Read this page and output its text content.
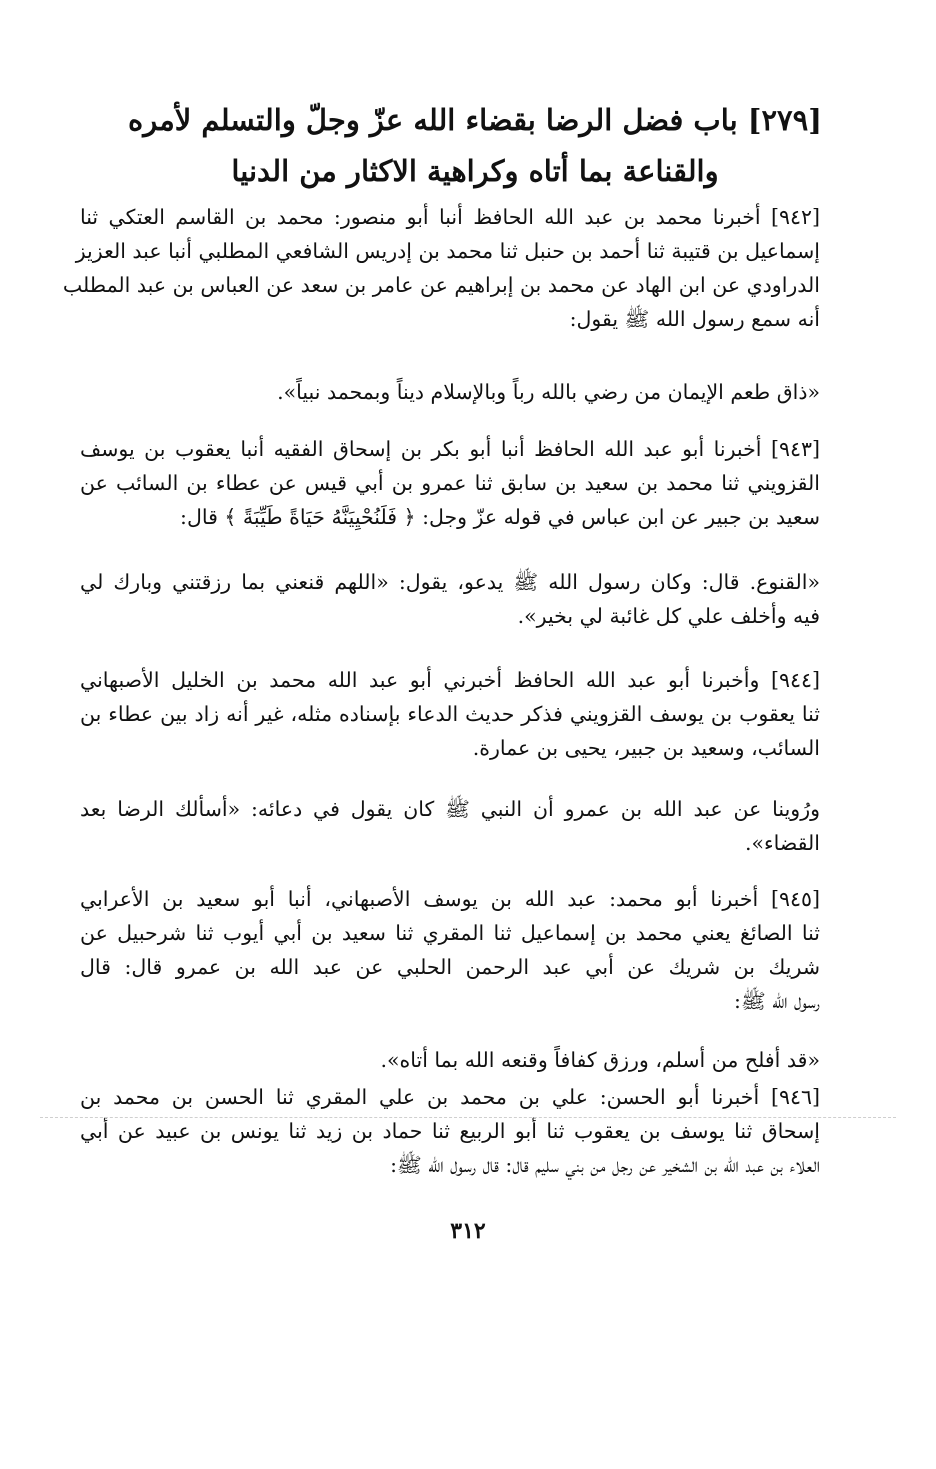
[٢٧٩] باب فضل الرضا بقضاء الله عزّ وجلّ والتسلم لأمره
والقناعة بما أتاه وكراهية الاكثار من الدنيا
[٩٤٢] أخبرنا محمد بن عبد الله الحافظ أنبا أبو منصور: محمد بن القاسم العتكي ثنا
إسماعيل بن قتيبة ثنا أحمد بن حنبل ثنا محمد بن إدريس الشافعي المطلبي أنبا عبد العزيز
الدراودي عن ابن الهاد عن محمد بن إبراهيم عن عامر بن سعد عن العباس بن عبد المطلب
أنه سمع رسول الله ﷺ يقول:
«ذاق طعم الإيمان من رضي بالله رباً وبالإسلام ديناً وبمحمد نبياً».
[٩٤٣] أخبرنا أبو عبد الله الحافظ أنبا أبو بكر بن إسحاق الفقيه أنبا يعقوب بن يوسف
القزويني ثنا محمد بن سعيد بن سابق ثنا عمرو بن أبي قيس عن عطاء بن السائب عن
سعيد بن جبير عن ابن عباس في قوله عزّ وجل: ﴿ فَلَنُحْيِيَنَّهُ حَيَاةً طَيِّبَةً ﴾ قال:
«القنوع. قال: وكان رسول الله ﷺ يدعو، يقول: «اللهم قنعني بما رزقتني وبارك لي
فيه وأخلف علي كل غائبة لي بخير».
[٩٤٤] وأخبرنا أبو عبد الله الحافظ أخبرني أبو عبد الله محمد بن الخليل الأصبهاني
ثنا يعقوب بن يوسف القزويني فذكر حديث الدعاء بإسناده مثله، غير أنه زاد بين عطاء بن
السائب، وسعيد بن جبير، يحيى بن عمارة.
ورُوينا عن عبد الله بن عمرو أن النبي ﷺ كان يقول في دعائه: «أسألك الرضا بعد
القضاء».
[٩٤٥] أخبرنا أبو محمد: عبد الله بن يوسف الأصبهاني، أنبا أبو سعيد بن الأعرابي
ثنا الصائغ يعني محمد بن إسماعيل ثنا المقري ثنا سعيد بن أبي أيوب ثنا شرحبيل عن
شريك بن شريك عن أبي عبد الرحمن الحلبي عن عبد الله بن عمرو قال: قال
رسول الله ﷺ:
«قد أفلح من أسلم، ورزق كفافاً وقنعه الله بما أتاه».
[٩٤٦] أخبرنا أبو الحسن: علي بن محمد بن علي المقري ثنا الحسن بن محمد بن
إسحاق ثنا يوسف بن يعقوب ثنا أبو الربيع ثنا حماد بن زيد ثنا يونس بن عبيد عن أبي
العلاء بن عبد الله بن الشخير عن رجل من بني سليم قال: قال رسول الله ﷺ:
٣١٢
